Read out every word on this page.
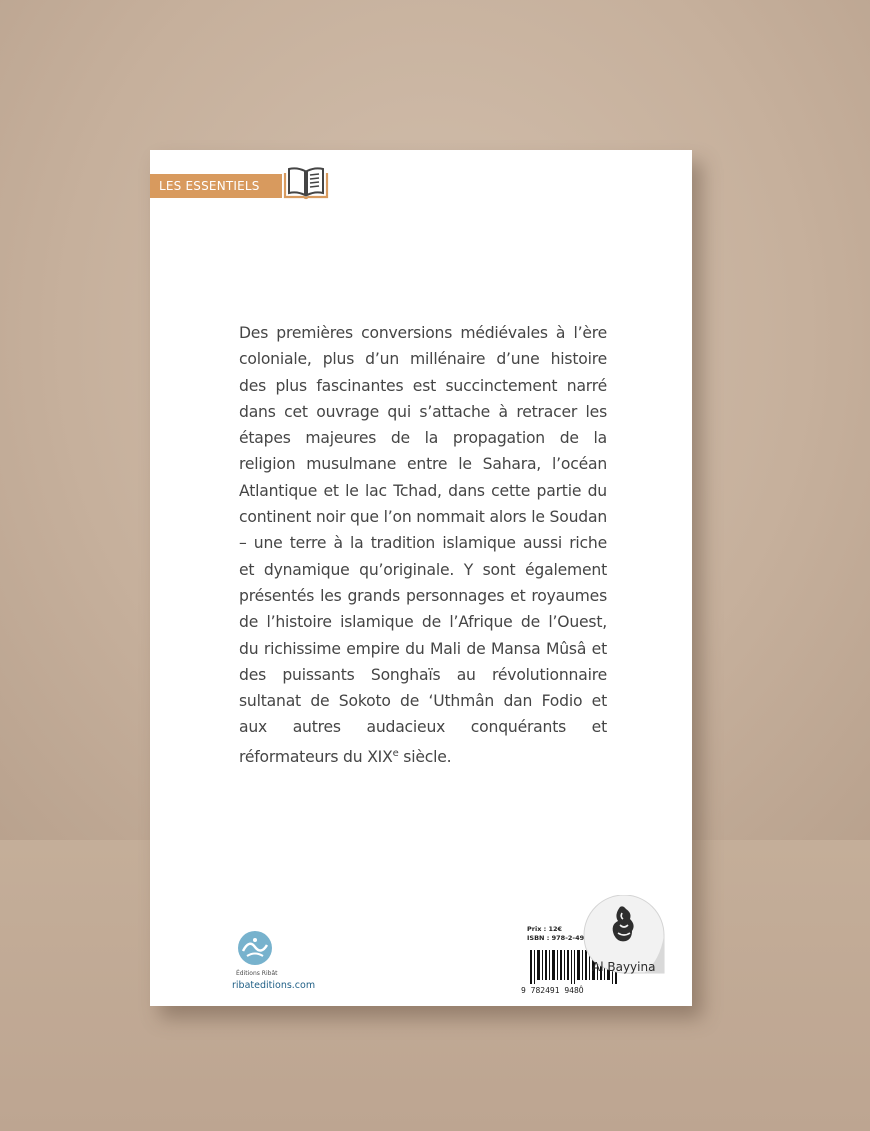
LES ESSENTIELS
Des premières conversions médiévales à l’ère coloniale, plus d’un millénaire d’une histoire des plus fascinantes est succinctement narré dans cet ouvrage qui s’attache à retracer les étapes majeures de la propagation de la religion musulmane entre le Sahara, l’océan Atlantique et le lac Tchad, dans cette partie du continent noir que l’on nommait alors le Soudan – une terre à la tradition islamique aussi riche et dynamique qu’originale. Y sont également présentés les grands personnages et royaumes de l’histoire islamique de l’Afrique de l’Ouest, du richissime empire du Mali de Mansa Mûsâ et des puissants Songhaïs au révolutionnaire sultanat de Sokoto de ‘Uthmân dan Fodio et aux autres audacieux conquérants et réformateurs du XIXe siècle.
Éditions Ribât
ribateditions.com
Prix : 12€
ISBN : 978-2-49
9 782491 948Ô
Al Bayyina
